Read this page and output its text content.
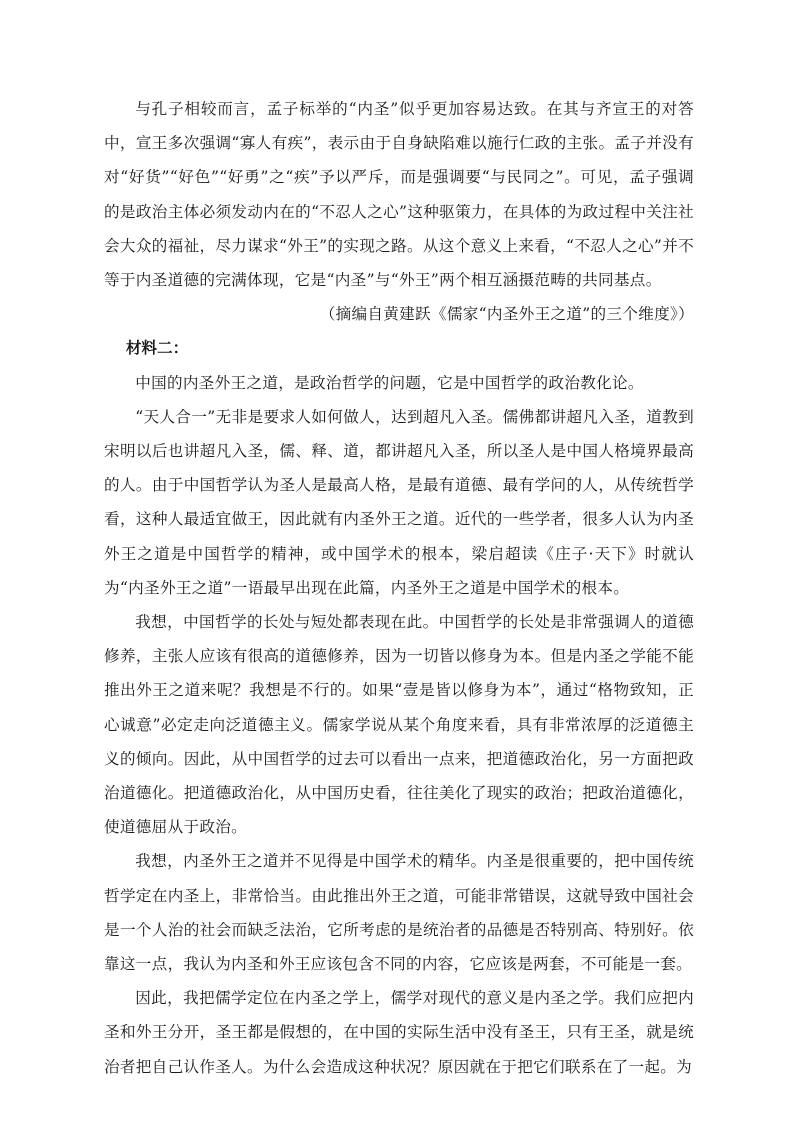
与孔子相较而言，孟子标举的“内圣”似乎更加容易达致。在其与齐宣王的对答中，宣王多次强调“寡人有疾”，表示由于自身缺陷难以施行仁政的主张。孟子并没有对“好货”“好色”“好勇”之“疾”予以严斥，而是强调要“与民同之”。可见，孟子强调的是政治主体必须发动内在的“不忍人之心”这种驱策力，在具体的为政过程中关注社会大众的福祉，尽力谋求“外王”的实现之路。从这个意义上来看，“不忍人之心”并不等于内圣道德的完满体现，它是“内圣”与“外王”两个相互涵摄范畴的共同基点。

（摘编自黄建跃《儒家“内圣外王之道”的三个维度》）

材料二：

中国的内圣外王之道，是政治哲学的问题，它是中国哲学的政治教化论。

“天人合一”无非是要求人如何做人，达到超凡入圣。儒佛都讲超凡入圣，道教到宋明以后也讲超凡入圣，儒、释、道，都讲超凡入圣，所以圣人是中国人格境界最高的人。由于中国哲学认为圣人是最高人格，是最有道德、最有学问的人，从传统哲学看，这种人最适宜做王，因此就有内圣外王之道。近代的一些学者，很多人认为内圣外王之道是中国哲学的精神，或中国学术的根本，梁启超读《庄子·天下》时就认为“内圣外王之道”一语最早出现在此篇，内圣外王之道是中国学术的根本。

我想，中国哲学的长处与短处都表现在此。中国哲学的长处是非常强调人的道德修养，主张人应该有很高的道德修养，因为一切皆以修身为本。但是内圣之学能不能推出外王之道来呢？我想是不行的。如果“壹是皆以修身为本”，通过“格物致知，正心诚意”必定走向泛道德主义。儒家学说从某个角度来看，具有非常浓厚的泛道德主义的倾向。因此，从中国哲学的过去可以看出一点来，把道德政治化，另一方面把政治道德化。把道德政治化，从中国历史看，往往美化了现实的政治；把政治道德化，使道德屈从于政治。

我想，内圣外王之道并不见得是中国学术的精华。内圣是很重要的，把中国传统哲学定在内圣上，非常恰当。由此推出外王之道，可能非常错误，这就导致中国社会是一个人治的社会而缺乏法治，它所考虑的是统治者的品德是否特别高、特别好。依靠这一点，我认为内圣和外王应该包含不同的内容，它应该是两套，不可能是一套。

因此，我把儒学定位在内圣之学上，儒学对现代的意义是内圣之学。我们应把内圣和外王分开，圣王都是假想的，在中国的实际生活中没有圣王，只有王圣，就是统治者把自己认作圣人。为什么会造成这种状况？原因就在于把它们联系在了一起。为
